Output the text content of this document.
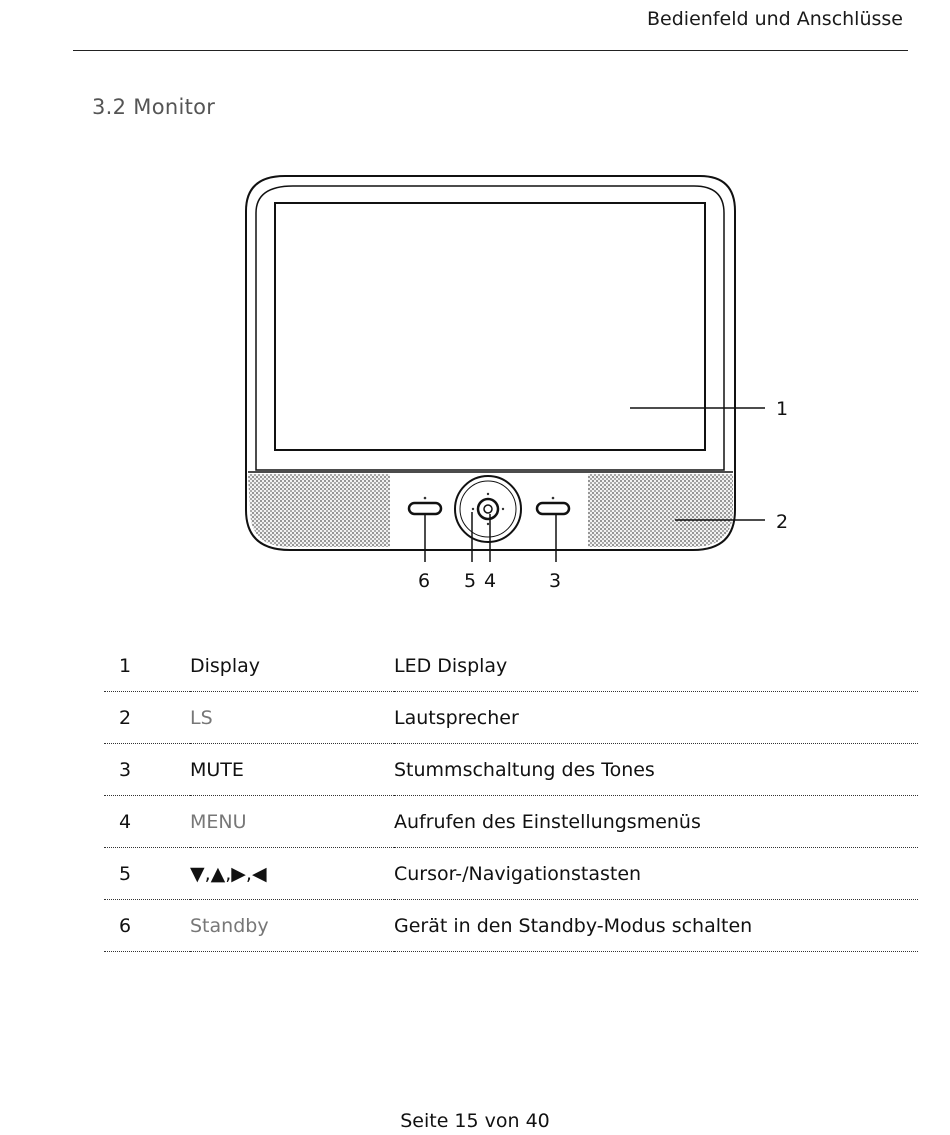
Bedienfeld und Anschlüsse
3.2 Monitor
1
2
6 5 4	3
1	Display	LED Display
2	LS	Lautsprecher
3	MUTE	Stummschaltung des Tones
4	MENU	Aufrufen des Einstellungsmenüs
5	▼,▲,▶,◀	Cursor-/Navigationstasten
6	Standby	Gerät in den Standby-Modus schalten
Seite 15 von 40
